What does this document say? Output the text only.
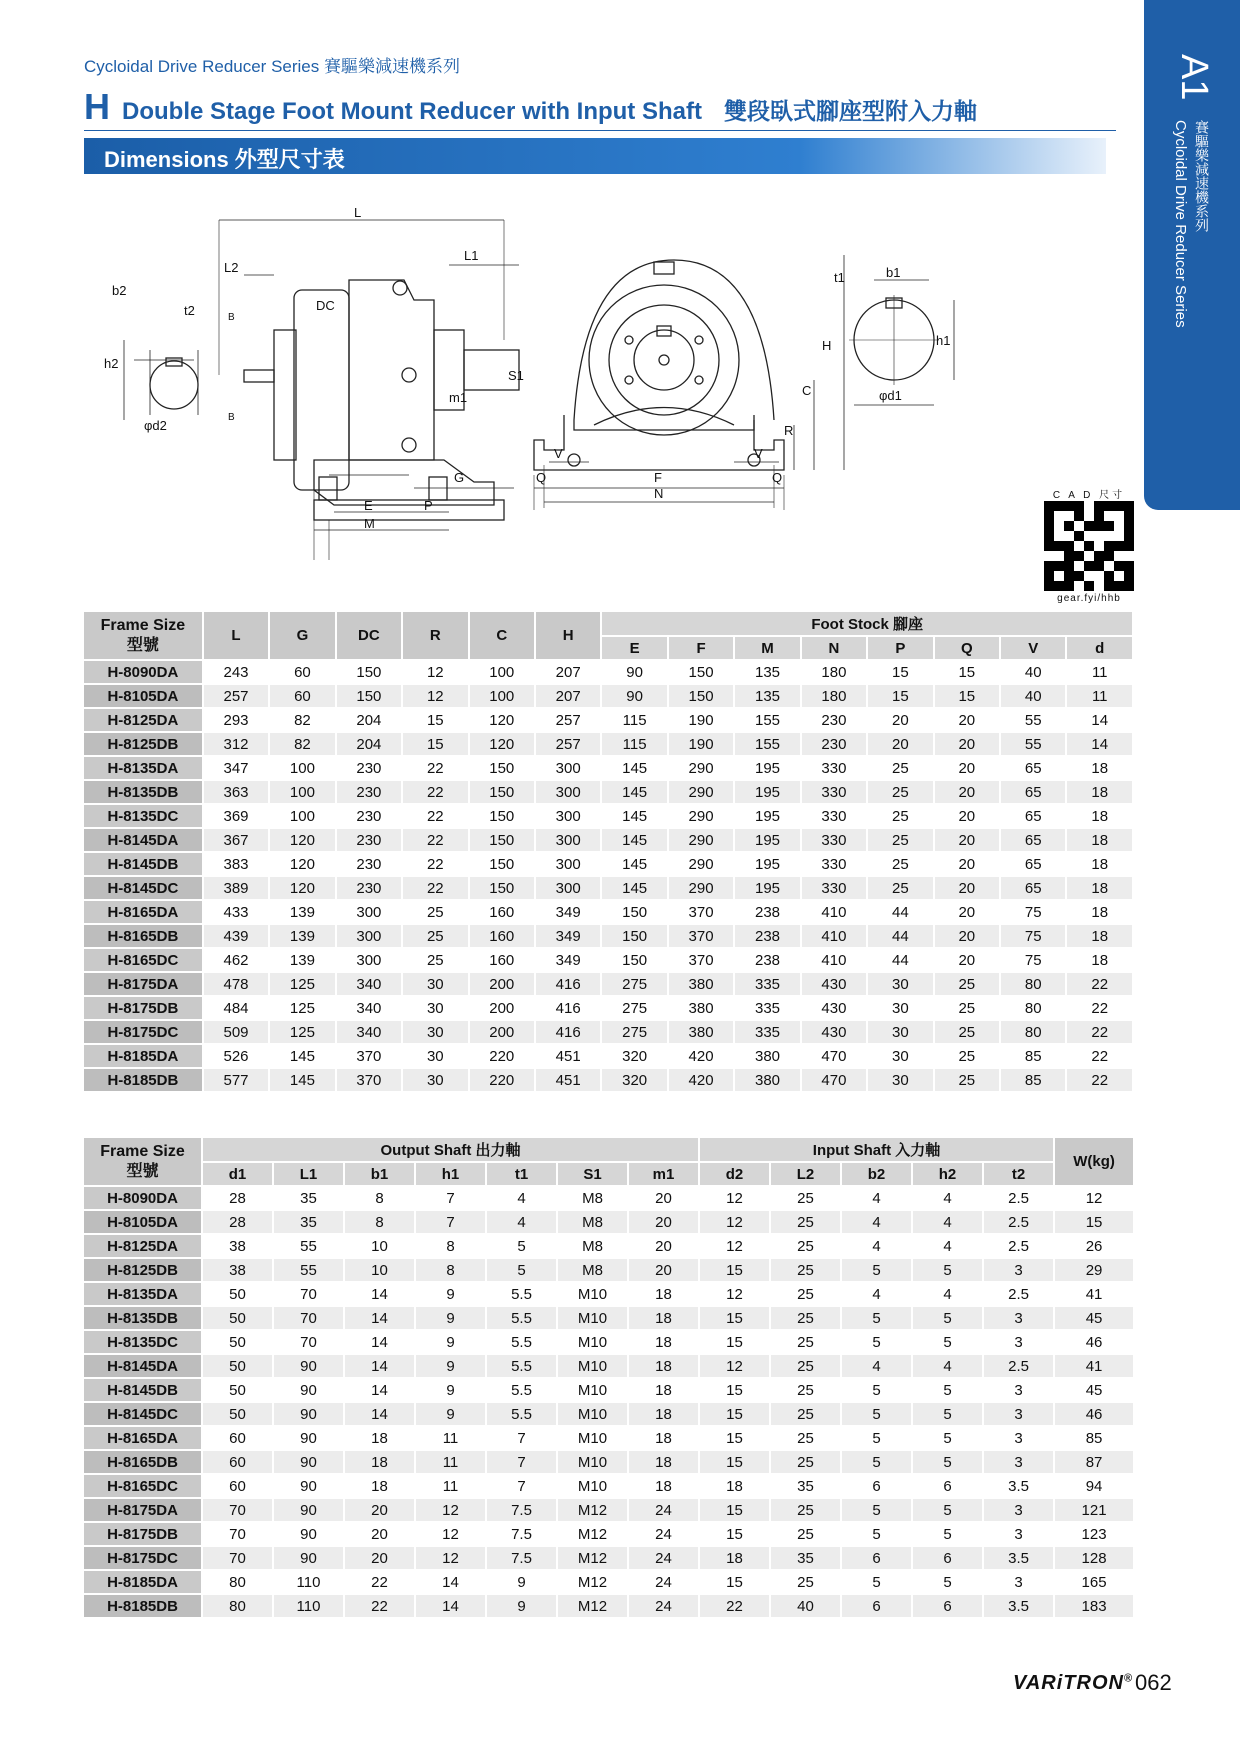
Cycloidal Drive Reducer Series 賽驅樂減速機系列
H Double Stage Foot Mount Reducer with Input Shaft 雙段臥式腳座型附入力軸
Dimensions 外型尺寸表
A1
Cycloidal Drive Reducer Series 賽驅樂減速機系列
L
L2
b2
t2
h2
φd2
B
B
DC
L1
m1
S1
G
E	P
M
t1	b1
H	h1
C
R
φd1
V	V
Q	Q
F
N	C A D 尺寸
gear.fyi/hhb
Frame Size
型號	L	G	DC	R	C	H	Foot Stock 腳座							
							E	F	M	N	P	Q	V	d
H-8090DA	243	60	150	12	100	207	90	150	135	180	15	15	40	11
H-8105DA	257	60	150	12	100	207	90	150	135	180	15	15	40	11
H-8125DA	293	82	204	15	120	257	115	190	155	230	20	20	55	14
H-8125DB	312	82	204	15	120	257	115	190	155	230	20	20	55	14
H-8135DA	347	100	230	22	150	300	145	290	195	330	25	20	65	18
H-8135DB	363	100	230	22	150	300	145	290	195	330	25	20	65	18
H-8135DC	369	100	230	22	150	300	145	290	195	330	25	20	65	18
H-8145DA	367	120	230	22	150	300	145	290	195	330	25	20	65	18
H-8145DB	383	120	230	22	150	300	145	290	195	330	25	20	65	18
H-8145DC	389	120	230	22	150	300	145	290	195	330	25	20	65	18
H-8165DA	433	139	300	25	160	349	150	370	238	410	44	20	75	18
H-8165DB	439	139	300	25	160	349	150	370	238	410	44	20	75	18
H-8165DC	462	139	300	25	160	349	150	370	238	410	44	20	75	18
H-8175DA	478	125	340	30	200	416	275	380	335	430	30	25	80	22
H-8175DB	484	125	340	30	200	416	275	380	335	430	30	25	80	22
H-8175DC	509	125	340	30	200	416	275	380	335	430	30	25	80	22
H-8185DA	526	145	370	30	220	451	320	420	380	470	30	25	85	22
H-8185DB	577	145	370	30	220	451	320	420	380	470	30	25	85	22
Frame Size
型號	Output Shaft 出力軸							Input Shaft 入力軸					W(kg)
	d1	L1	b1	h1	t1	S1	m1	d2	L2	b2	h2	t2	
H-8090DA	28	35	8	7	4	M8	20	12	25	4	4	2.5	12
H-8105DA	28	35	8	7	4	M8	20	12	25	4	4	2.5	15
H-8125DA	38	55	10	8	5	M8	20	12	25	4	4	2.5	26
H-8125DB	38	55	10	8	5	M8	20	15	25	5	5	3	29
H-8135DA	50	70	14	9	5.5	M10	18	12	25	4	4	2.5	41
H-8135DB	50	70	14	9	5.5	M10	18	15	25	5	5	3	45
H-8135DC	50	70	14	9	5.5	M10	18	15	25	5	5	3	46
H-8145DA	50	90	14	9	5.5	M10	18	12	25	4	4	2.5	41
H-8145DB	50	90	14	9	5.5	M10	18	15	25	5	5	3	45
H-8145DC	50	90	14	9	5.5	M10	18	15	25	5	5	3	46
H-8165DA	60	90	18	11	7	M10	18	15	25	5	5	3	85
H-8165DB	60	90	18	11	7	M10	18	15	25	5	5	3	87
H-8165DC	60	90	18	11	7	M10	18	18	35	6	6	3.5	94
H-8175DA	70	90	20	12	7.5	M12	24	15	25	5	5	3	121
H-8175DB	70	90	20	12	7.5	M12	24	15	25	5	5	3	123
H-8175DC	70	90	20	12	7.5	M12	24	18	35	6	6	3.5	128
H-8185DA	80	110	22	14	9	M12	24	15	25	5	5	3	165
H-8185DB	80	110	22	14	9	M12	24	22	40	6	6	3.5	183
VARiTRON® 062
